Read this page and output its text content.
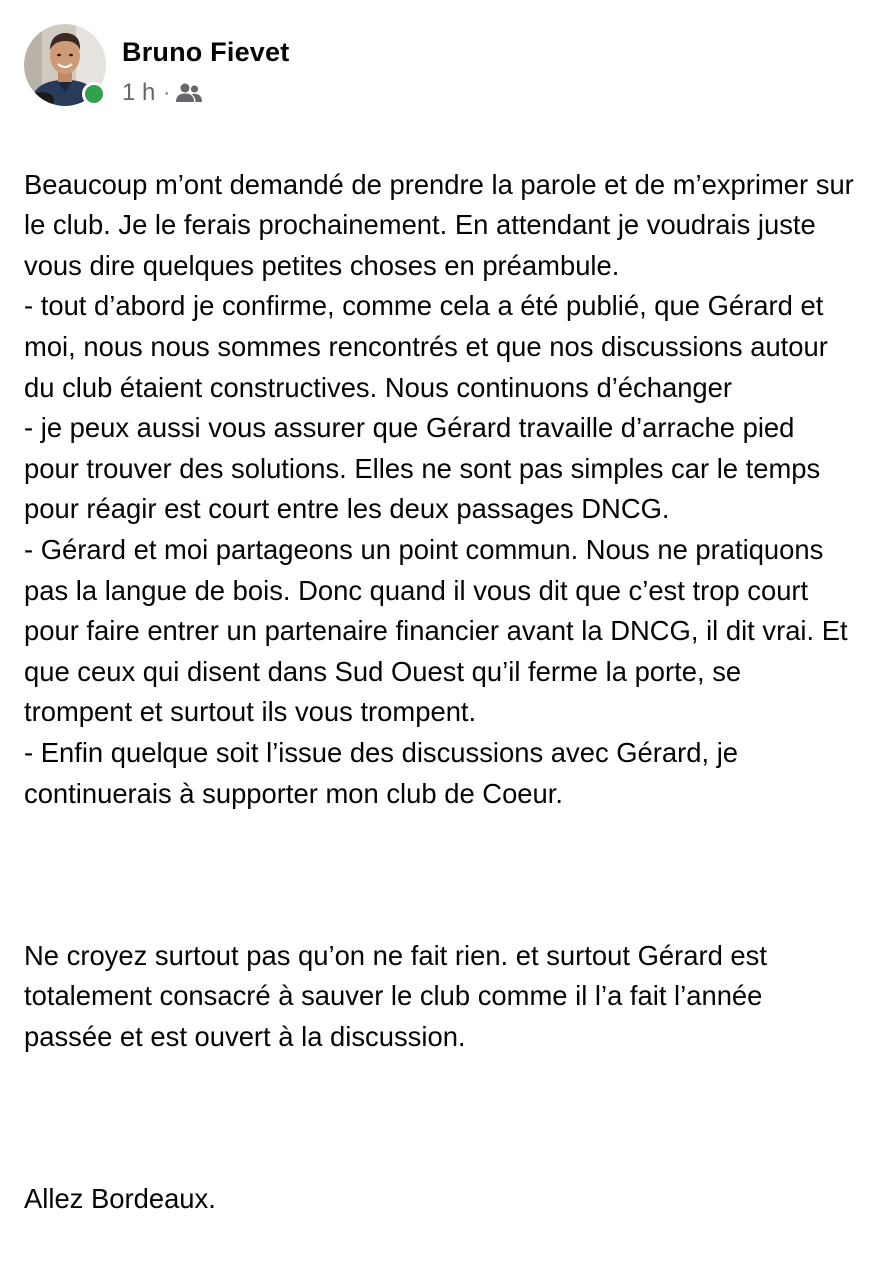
Bruno Fievet
1 h ·

Beaucoup m’ont demandé de prendre la parole et de m’exprimer sur le club. Je le ferais prochainement. En attendant je voudrais juste vous dire quelques petites choses en préambule.
- tout d’abord je confirme, comme cela a été publié, que Gérard et moi, nous nous sommes rencontrés et que nos discussions autour du club étaient constructives. Nous continuons d’échanger
- je peux aussi vous assurer que Gérard travaille d’arrache pied pour trouver des solutions. Elles ne sont pas simples car le temps pour réagir est court entre les deux passages DNCG.
- Gérard et moi partageons un point commun. Nous ne pratiquons pas la langue de bois. Donc quand il vous dit que c’est trop court pour faire entrer un partenaire financier avant la DNCG, il dit vrai. Et que ceux qui disent dans Sud Ouest qu’il ferme la porte, se trompent et surtout ils vous trompent.
- Enfin quelque soit l’issue des discussions avec Gérard, je continuerais à supporter mon club de Coeur.

Ne croyez surtout pas qu’on ne fait rien. et surtout Gérard est totalement consacré à sauver le club comme il l’a fait l’année passée et est ouvert à la discussion.

Allez Bordeaux.
